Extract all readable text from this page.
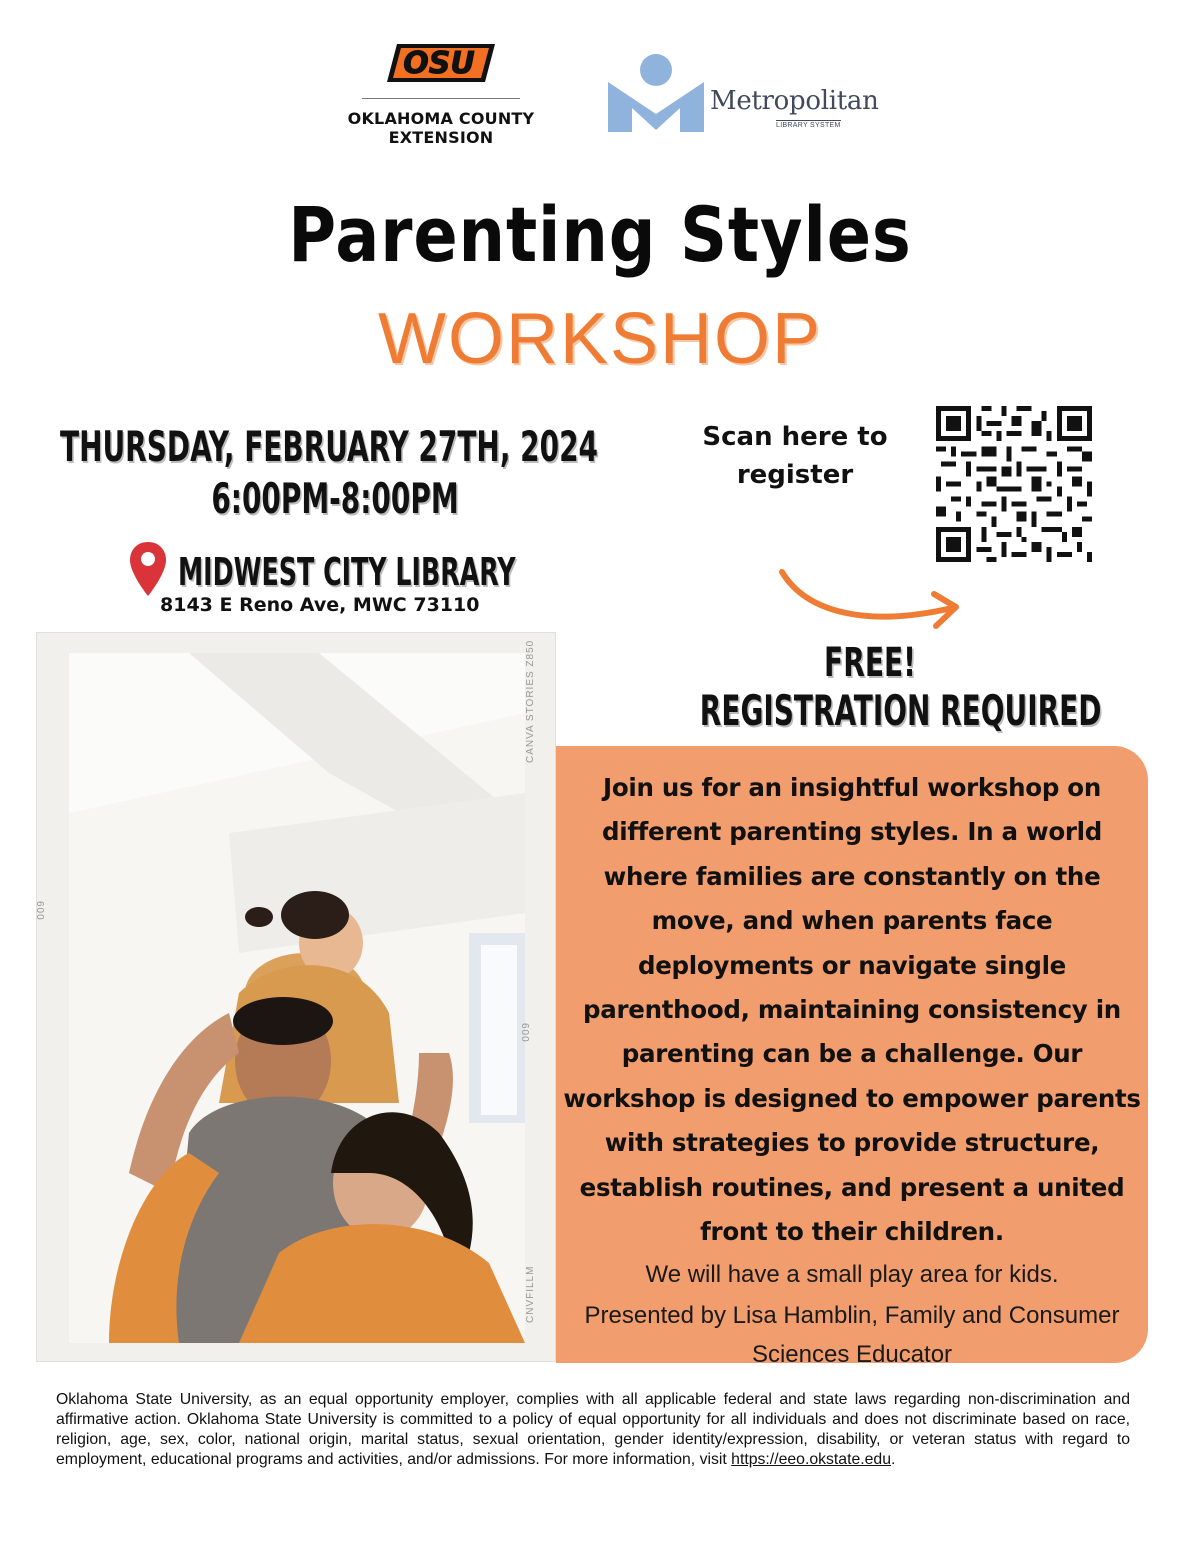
OSU
OKLAHOMA COUNTY
EXTENSION
Metropolitan
LIBRARY SYSTEM
Parenting Styles
WORKSHOP
THURSDAY, FEBRUARY 27TH, 2024
6:00PM-8:00PM
MIDWEST CITY LIBRARY
8143 E Reno Ave, MWC 73110
Scan here to
register
FREE!
REGISTRATION REQUIRED
CANVA STORIES Z850
CNVFILLM
600
600
Join us for an insightful workshop on different parenting styles. In a world where families are constantly on the move, and when parents face deployments or navigate single parenthood, maintaining consistency in parenting can be a challenge. Our workshop is designed to empower parents with strategies to provide structure, establish routines, and present a united front to their children.
We will have a small play area for kids.
Presented by Lisa Hamblin, Family and Consumer Sciences Educator
Oklahoma State University, as an equal opportunity employer, complies with all applicable federal and state laws regarding non-discrimination and affirmative action. Oklahoma State University is committed to a policy of equal opportunity for all individuals and does not discriminate based on race, religion, age, sex, color, national origin, marital status, sexual orientation, gender identity/expression, disability, or veteran status with regard to employment, educational programs and activities, and/or admissions. For more information, visit https://eeo.okstate.edu.
